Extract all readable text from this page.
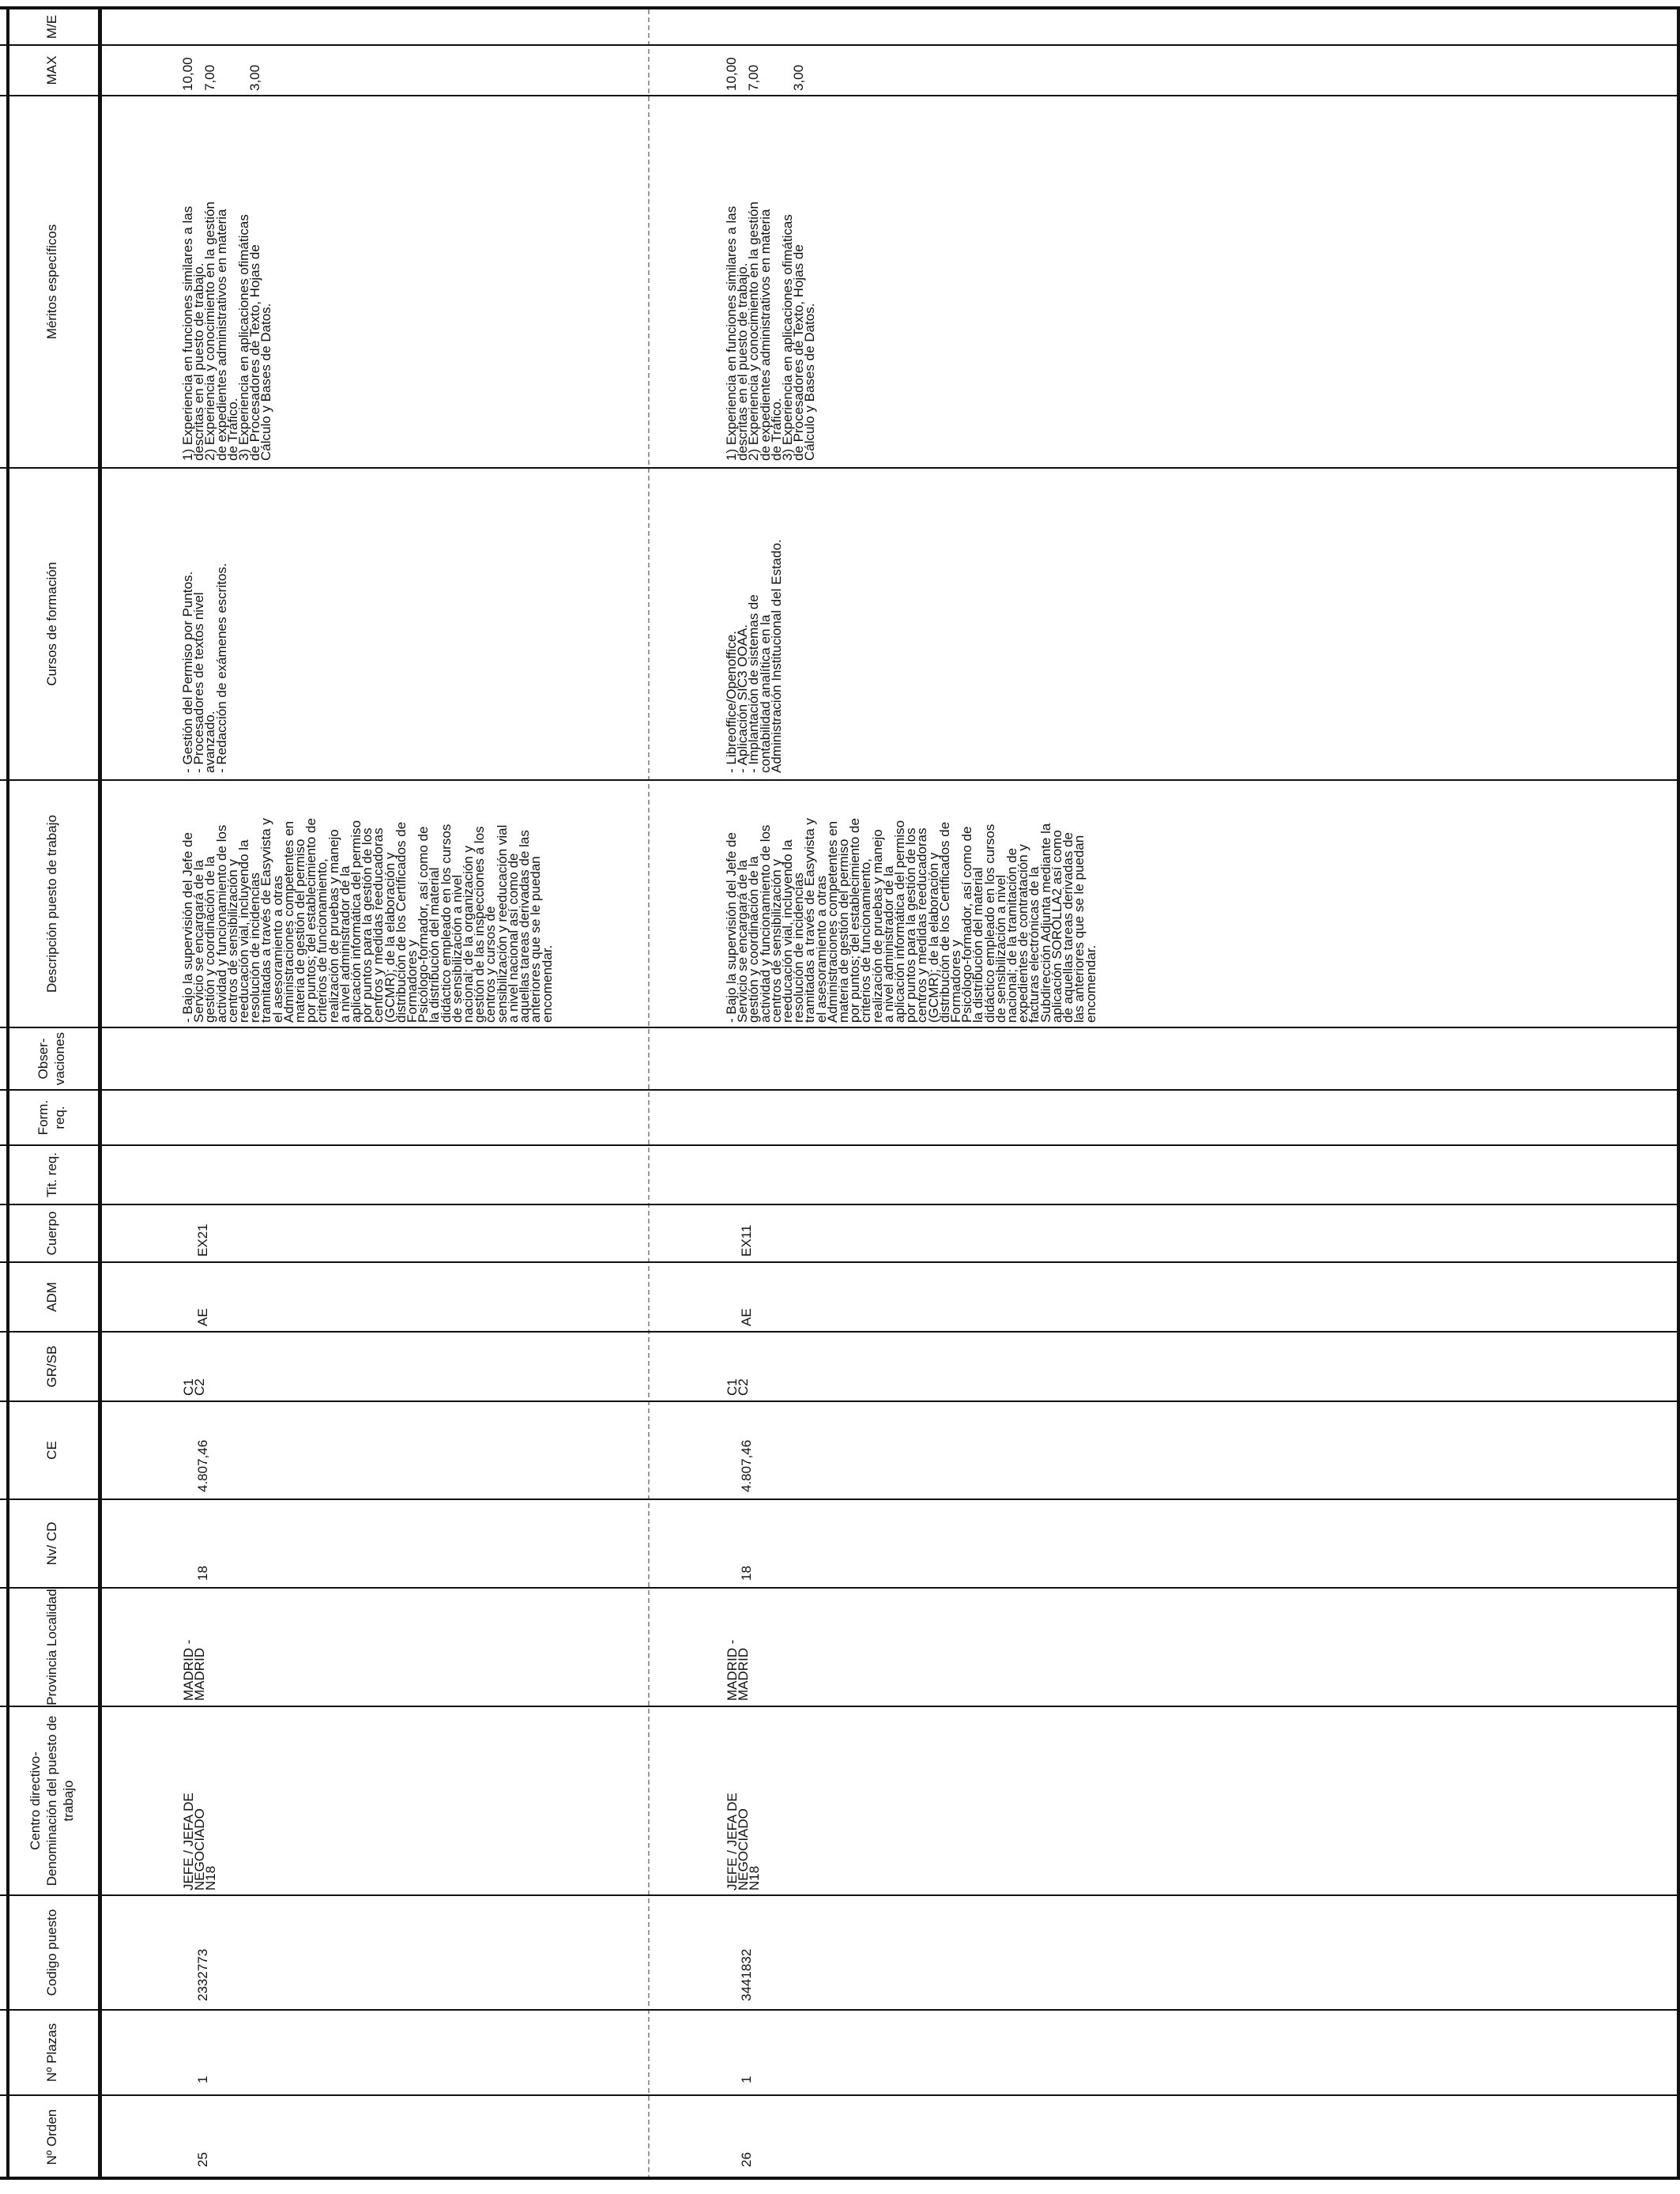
Nº Orden
Nº Plazas
Codigo puesto
Centro directivo- Denominación del puesto de trabajo
Provincia Localidad
Nv/ CD
CE
GR/SB
ADM
Cuerpo
Tit. req.
Form. req.
Obser- vaciones
Descripción puesto de trabajo
Cursos de formación
Méritos específicos
MAX
M/E
25
1
2332773
JEFE / JEFA DE NEGOCIADO
N18
MADRID -
MADRID
18
4.807,46
C1
C2
AE
EX21
- Bajo la supervisión del Jefe de
Servicio se encargará de la
gestión y coordinación de la
actividad y funcionamiento de los
centros de sensibilización y
reeducación vial, incluyendo la
resolución de incidencias
tramitadas a través de Easyvista y
el asesoramiento a otras
Administraciones competentes en
materia de gestión del permiso
por puntos; del establecimiento de
criterios de funcionamiento,
realización de pruebas y manejo
a nivel administrador de la
aplicación informática del permiso
por puntos para la gestión de los
centros y medidas reeducadoras
(GCMR); de la elaboración y
distribución de los Certificados de
Formadores y
Psicólogo-formador, así como de
la distribución del material
didáctico empleado en los cursos
de sensibilización a nivel
nacional; de la organización y
gestión de las inspecciones a los
centros y cursos de
sensibilización y reeducación vial
a nivel nacional así como de
aquellas tareas derivadas de las
anteriores que se le puedan
encomendar.
- Gestión del Permiso por Puntos.
- Procesadores de textos nivel
avanzado.
- Redacción de exámenes escritos.
1) Experiencia en funciones similares a las
descritas en el puesto de trabajo.
2) Experiencia y conocimiento en la gestión
de expedientes administrativos en materia
de Tráfico.
3) Experiencia en aplicaciones ofimáticas
de Procesadores de Texto, Hojas de
Cálculo y Bases de Datos.
10,00 7,00 3,00
26
1
3441832
JEFE / JEFA DE NEGOCIADO
N18
MADRID -
MADRID
18
4.807,46
C1
C2
AE
EX11
- Bajo la supervisión del Jefe de
Servicio se encargará de la
gestión y coordinación de la
actividad y funcionamiento de los
centros de sensibilización y
reeducación vial, incluyendo la
resolución de incidencias
tramitadas a través de Easyvista y
el asesoramiento a otras
Administraciones competentes en
materia de gestión del permiso
por puntos; del establecimiento de
criterios de funcionamiento,
realización de pruebas y manejo
a nivel administrador de la
aplicación informática del permiso
por puntos para la gestión de los
centros y medidas reeducadoras
(GCMR); de la elaboración y
distribución de los Certificados de
Formadores y
Psicólogo-formador, así como de
la distribución del material
didáctico empleado en los cursos
de sensibilización a nivel
nacional; de la tramitación de
expedientes de contratación y
facturas electrónicas de la
Subdirección Adjunta mediante la
aplicación SOROLLA2 así como
de aquellas tareas derivadas de
las anteriores que se le puedan
encomendar.
- Libreoffice/Openoffice.
- Aplicación SIC3 OOAA.
- Implantación de sistemas de
contabilidad analítica en la
Administración Institucional del Estado.
1) Experiencia en funciones similares a las
descritas en el puesto de trabajo.
2) Experiencia y conocimiento en la gestión
de expedientes administrativos en materia
de Tráfico.
3) Experiencia en aplicaciones ofimáticas
de Procesadores de Texto, Hojas de
Cálculo y Bases de Datos.
10,00 7,00 3,00
